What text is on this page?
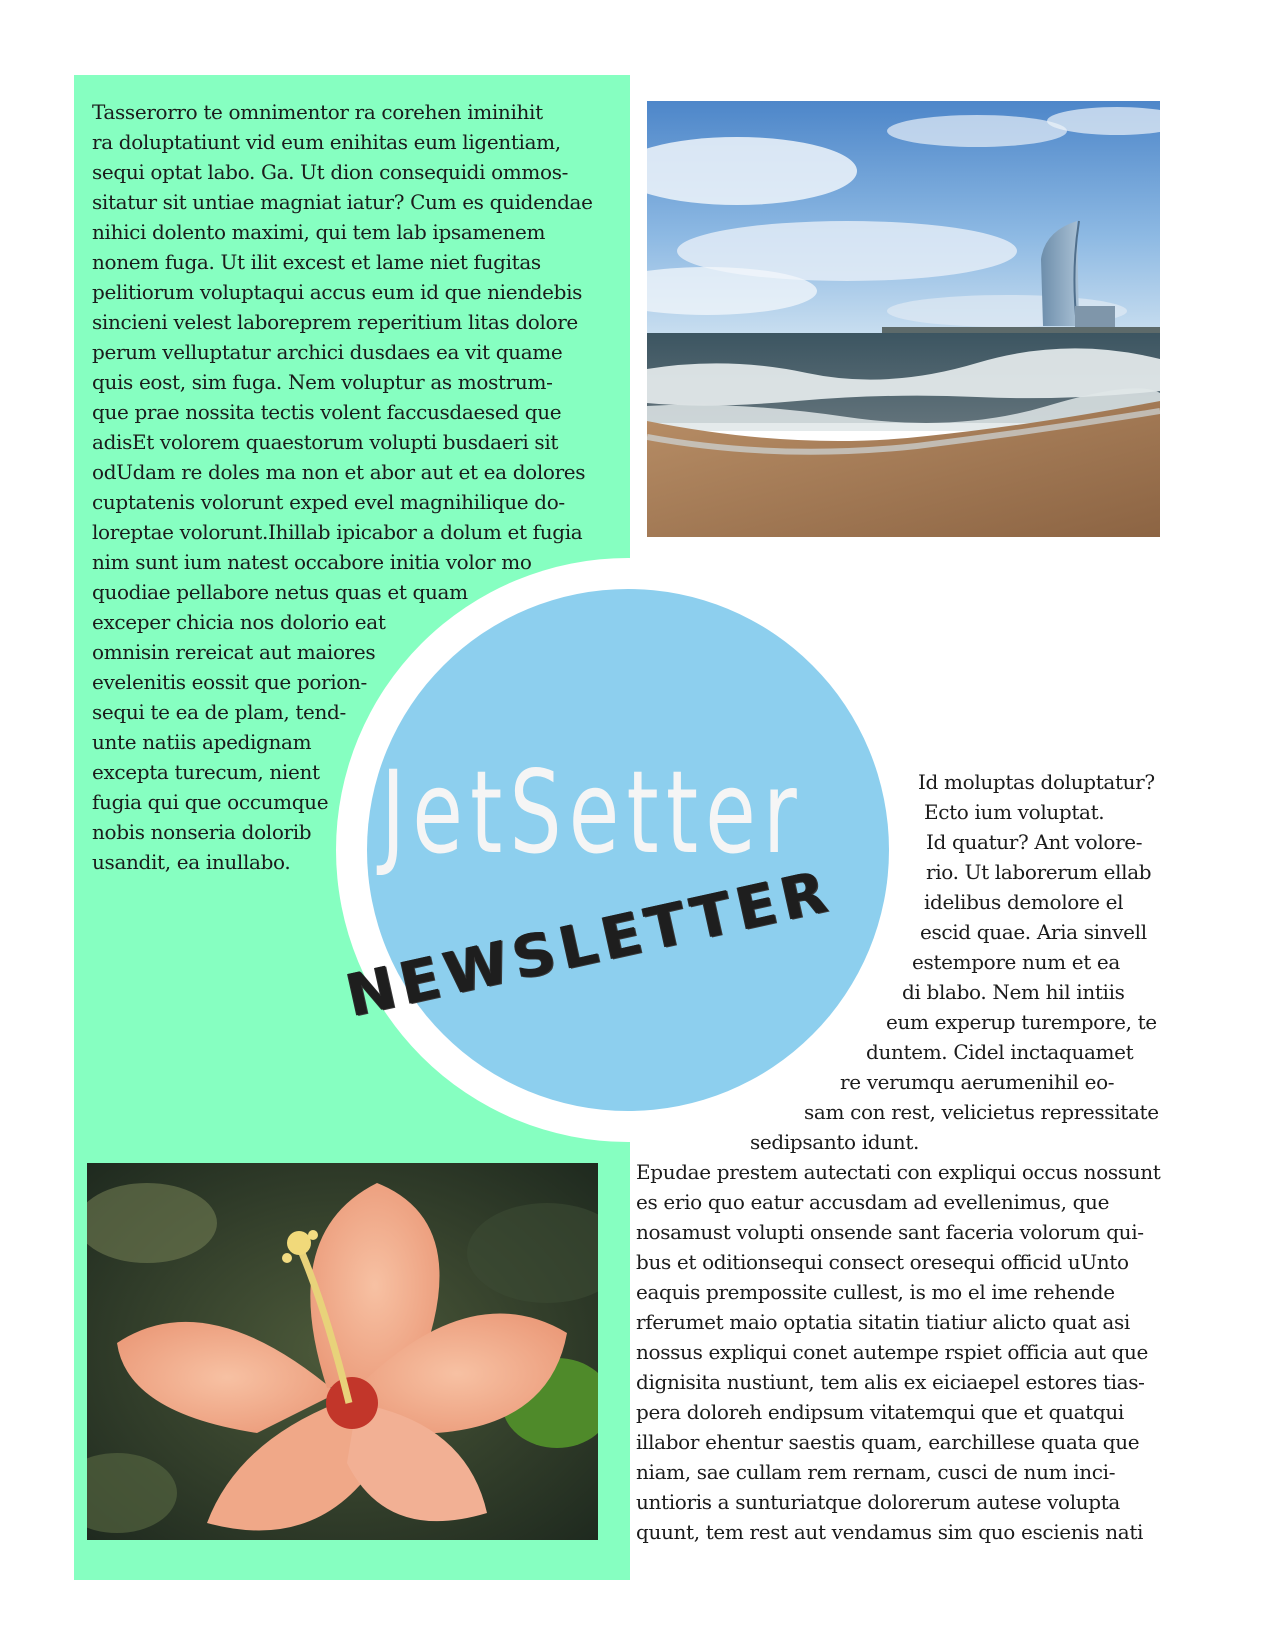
JetSetter
NEWSLETTER
Tasserorro te omnimentor ra corehen iminihit
ra doluptatiunt vid eum enihitas eum ligentiam,
sequi optat labo. Ga. Ut dion consequidi ommos-
sitatur sit untiae magniat iatur? Cum es quidendae
nihici dolento maximi, qui tem lab ipsamenem
nonem fuga. Ut ilit excest et lame niet fugitas
pelitiorum voluptaqui accus eum id que niendebis
sincieni velest laboreprem reperitium litas dolore
perum velluptatur archici dusdaes ea vit quame
quis eost, sim fuga. Nem voluptur as mostrum-
que prae nossita tectis volent faccusdaesed que
adisEt volorem quaestorum volupti busdaeri sit
odUdam re doles ma non et abor aut et ea dolores
cuptatenis volorunt exped evel magnihilique do-
loreptae volorunt.Ihillab ipicabor a dolum et fugia
nim sunt ium natest occabore initia volor mo
quodiae pellabore netus quas et quam
exceper chicia nos dolorio eat
omnisin rereicat aut maiores
evelenitis eossit que porion-
sequi te ea de plam, tend-
unte natiis apedignam
excepta turecum, nient
fugia qui que occumque
nobis nonseria dolorib
usandit, ea inullabo.
Id moluptas doluptatur?
Ecto ium voluptat.
Id quatur? Ant volore-
rio. Ut laborerum ellab
idelibus demolore el
escid quae. Aria sinvell
estempore num et ea
di blabo. Nem hil intiis
eum experup turempore, te
duntem. Cidel inctaquamet
re verumqu aerumenihil eo-
sam con rest, velicietus repressitate
sedipsanto idunt.
Epudae prestem autectati con expliqui occus nossunt
es erio quo eatur accusdam ad evellenimus, que
nosamust volupti onsende sant faceria volorum qui-
bus et oditionsequi consect oresequi officid uUnto
eaquis prempossite cullest, is mo el ime rehende
rferumet maio optatia sitatin tiatiur alicto quat asi
nossus expliqui conet autempe rspiet officia aut que
dignisita nustiunt, tem alis ex eiciaepel estores tias-
pera doloreh endipsum vitatemqui que et quatqui
illabor ehentur saestis quam, earchillese quata que
niam, sae cullam rem rernam, cusci de num inci-
untioris a sunturiatque dolorerum autese volupta
quunt, tem rest aut vendamus sim quo escienis nati
